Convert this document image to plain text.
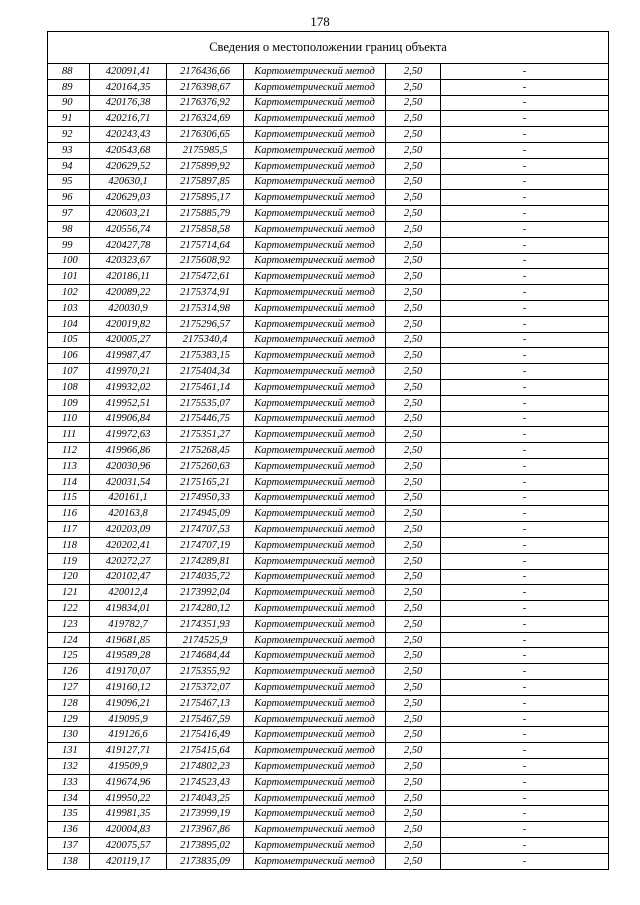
178
Сведения о местоположении границ объекта					
88	420091,41	2176436,66	Картометрический метод	2,50	-
89	420164,35	2176398,67	Картометрический метод	2,50	-
90	420176,38	2176376,92	Картометрический метод	2,50	-
91	420216,71	2176324,69	Картометрический метод	2,50	-
92	420243,43	2176306,65	Картометрический метод	2,50	-
93	420543,68	2175985,5	Картометрический метод	2,50	-
94	420629,52	2175899,92	Картометрический метод	2,50	-
95	420630,1	2175897,85	Картометрический метод	2,50	-
96	420629,03	2175895,17	Картометрический метод	2,50	-
97	420603,21	2175885,79	Картометрический метод	2,50	-
98	420556,74	2175858,58	Картометрический метод	2,50	-
99	420427,78	2175714,64	Картометрический метод	2,50	-
100	420323,67	2175608,92	Картометрический метод	2,50	-
101	420186,11	2175472,61	Картометрический метод	2,50	-
102	420089,22	2175374,91	Картометрический метод	2,50	-
103	420030,9	2175314,98	Картометрический метод	2,50	-
104	420019,82	2175296,57	Картометрический метод	2,50	-
105	420005,27	2175340,4	Картометрический метод	2,50	-
106	419987,47	2175383,15	Картометрический метод	2,50	-
107	419970,21	2175404,34	Картометрический метод	2,50	-
108	419932,02	2175461,14	Картометрический метод	2,50	-
109	419952,51	2175535,07	Картометрический метод	2,50	-
110	419906,84	2175446,75	Картометрический метод	2,50	-
111	419972,63	2175351,27	Картометрический метод	2,50	-
112	419966,86	2175268,45	Картометрический метод	2,50	-
113	420030,96	2175260,63	Картометрический метод	2,50	-
114	420031,54	2175165,21	Картометрический метод	2,50	-
115	420161,1	2174950,33	Картометрический метод	2,50	-
116	420163,8	2174945,09	Картометрический метод	2,50	-
117	420203,09	2174707,53	Картометрический метод	2,50	-
118	420202,41	2174707,19	Картометрический метод	2,50	-
119	420272,27	2174289,81	Картометрический метод	2,50	-
120	420102,47	2174035,72	Картометрический метод	2,50	-
121	420012,4	2173992,04	Картометрический метод	2,50	-
122	419834,01	2174280,12	Картометрический метод	2,50	-
123	419782,7	2174351,93	Картометрический метод	2,50	-
124	419681,85	2174525,9	Картометрический метод	2,50	-
125	419589,28	2174684,44	Картометрический метод	2,50	-
126	419170,07	2175355,92	Картометрический метод	2,50	-
127	419160,12	2175372,07	Картометрический метод	2,50	-
128	419096,21	2175467,13	Картометрический метод	2,50	-
129	419095,9	2175467,59	Картометрический метод	2,50	-
130	419126,6	2175416,49	Картометрический метод	2,50	-
131	419127,71	2175415,64	Картометрический метод	2,50	-
132	419509,9	2174802,23	Картометрический метод	2,50	-
133	419674,96	2174523,43	Картометрический метод	2,50	-
134	419950,22	2174043,25	Картометрический метод	2,50	-
135	419981,35	2173999,19	Картометрический метод	2,50	-
136	420004,83	2173967,86	Картометрический метод	2,50	-
137	420075,57	2173895,02	Картометрический метод	2,50	-
138	420119,17	2173835,09	Картометрический метод	2,50	-
